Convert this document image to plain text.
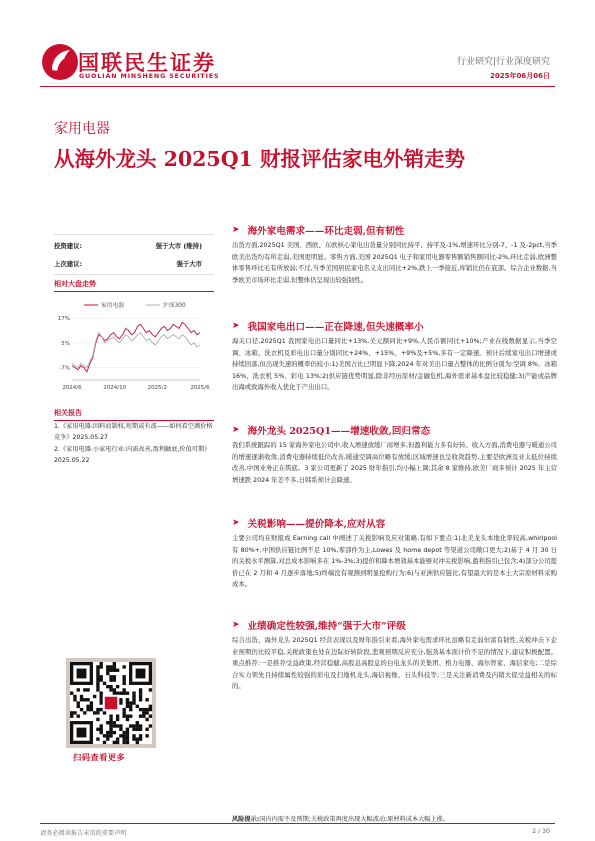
国联民生证券
GUOLIAN MINSHENG SECURITIES
行业研究|行业深度研究
2025年06月06日
家用电器
从海外龙头 2025Q1 财报评估家电外销走势
投资建议:	强于大市 (维持)
上次建议:	强于大市
相对大盘走势
17%
5%
-7%
2024/6	2024/10	2025/2	2025/6
家用电器	沪深300
相关报告
1.《家用电器:因料而制权,短期或有波——如何看空调价格竞争》2025.05.27
2.《家用电器:小家电行业:内需改善,盈利触底,价值可期》2025.05.22
扫码查看更多
➤ 海外家电需求——环比走弱,但有韧性
出货方面,2025Q1 美国、西欧、东欧核心家电出货量分别同比持平、持平及-1%,增速环比分别-7、-1 及-2pct,当季欧美出货均有所走弱,美国更明显。零售方面,美国 2025Q1 电子和家用电器零售额销售额同比-2%,环比走弱,欧洲整体零售环比毛有所放弱;不过,当季美国居民家电名义支出同比+2%,跌上一季接近,库销比仍在底部。综合企业数据,当季欧美市场环比走弱,但整体仍呈现出较强韧性。
➤ 我国家电出口——正在降速,但失速概率小
海关口径,2025Q1 我国家电出口量同比+13%,美元额同比+9%,人民币额同比+10%;产业在线数据显示,当季空调、冰箱、洗衣机及彩电出口量分别同比+24%、+15%、+9%及+5%,多有一定降速。预计后续家电出口增速或持续回落,但出现失速的概率仍较小:1)美国占比已明显下降,2024 年对美出口量占整体的比例分别为:空调 8%、冰箱 16%、洗衣机 5%、彩电 13%;2)供应链优势明显,除非经历原材/金融危机,海外需求基本盘比较稳健;3)产能或品牌出海或致海外收入优化于产出出口。
➤ 海外龙头 2025Q1——增速收敛,回归常态
我们系统跟踪的 15 家海外家电公司中,收入增速放缓厂商增多,但盈利能力多有好转。收入方面,消费电器与暖通公司的增速逐渐收敛,消费电器持续低位改善,暖通空调高位略有放缓;区域增速也呈收敛趋势,主要是欧洲及亚太低位持续改善,中国业务正在筑底。3 家公司更新了 2025 财年指引,均小幅上调;其余 8 家维持,欧美厂商多预计 2025 年主营增速跌 2024 年差不多,日韩系预计会降速。
➤ 关税影响——提价降本,应对从容
主要公司均在财报或 Earning call 中阐述了关税影响及应对策略,有如下要点:1)北美龙头本地化率较高,whirlpool 有 80%+,中国供应链比例不足 10%,零部件为主,Lowes 及 home depot 等渠道公司敞口更大;2)基于 4 月 30 日的关税水平测算,对总成本影响多在 1%-3%;3)提价和降本增效基本能够对冲关税影响,盈利指引已包含;4)部分公司提价已在 2 月和 4 月逐步落地;5)终端没有观测到明显抢购行为;6)与亚洲供应链比,有望最大的是本土大宗原材料采购成本。
➤ 业绩确定性较强,维持“强于大市”评级
综合出货、海外龙头 2025Q1 经营表现以及财年指引来看,海外家电需求环比虽略有走弱但富有韧性,关税冲击下企业预期仍比较平稳,关税政策也处在边际好转阶段,悲观预期反应充分,强劲基本面计价不足的情况下,建议积极配置。重点推荐:一是推荐受益政策,经营稳健,高股息高股息的白电龙头的美集团、格力电器、海尔智家、海信家电;二是综合实力领先且持续属性较强的彩电及扫地机龙头,海信视像、石头科技等;三是关注新消费及内销大促受益相关的标的。
风险提示:国内内需不及预期;关税政策再度出现大幅波动;原材料成本大幅上涨。
请务必阅读报告末页的重要声明	2 / 30
